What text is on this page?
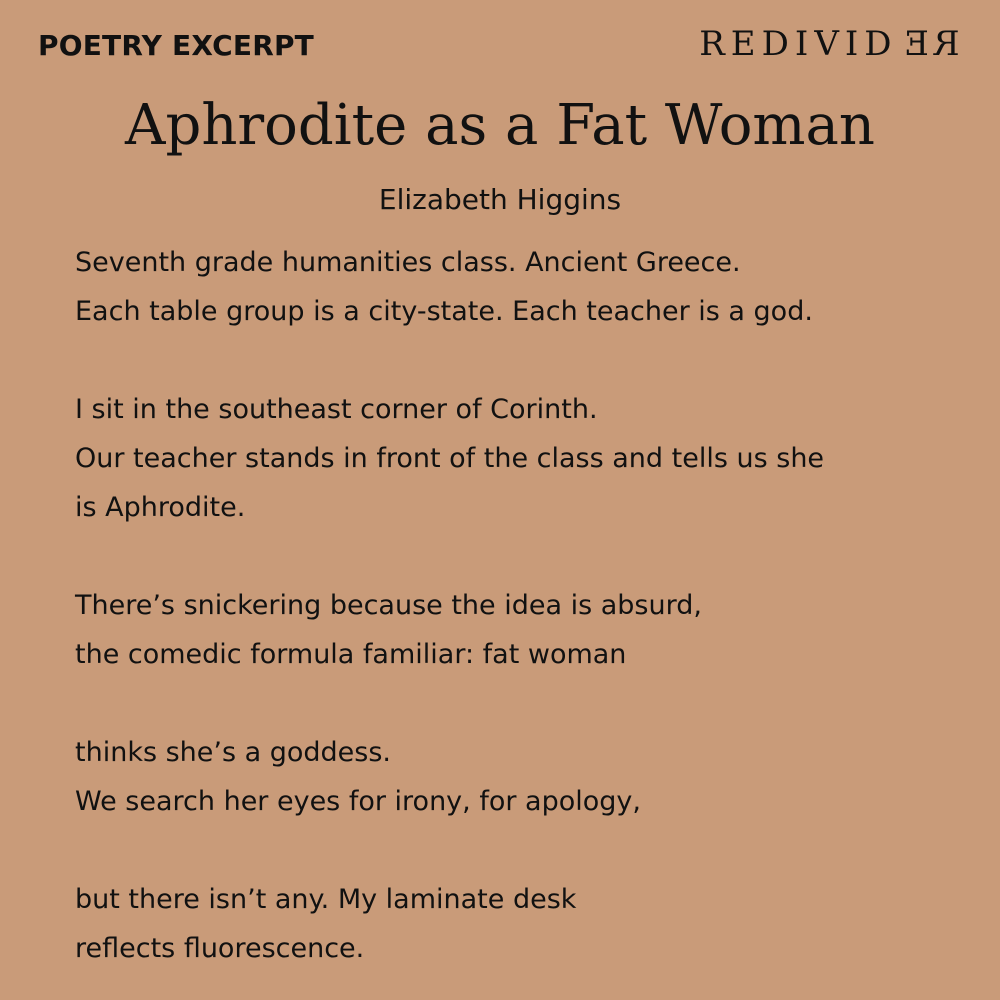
POETRY EXCERPT	REDIVIDER
Aphrodite as a Fat Woman
Elizabeth Higgins
Seventh grade humanities class. Ancient Greece.
Each table group is a city-state. Each teacher is a god.
I sit in the southeast corner of Corinth.
Our teacher stands in front of the class and tells us she
is Aphrodite.
There’s snickering because the idea is absurd,
the comedic formula familiar: fat woman
thinks she’s a goddess.
We search her eyes for irony, for apology,
but there isn’t any. My laminate desk
reflects fluorescence.
